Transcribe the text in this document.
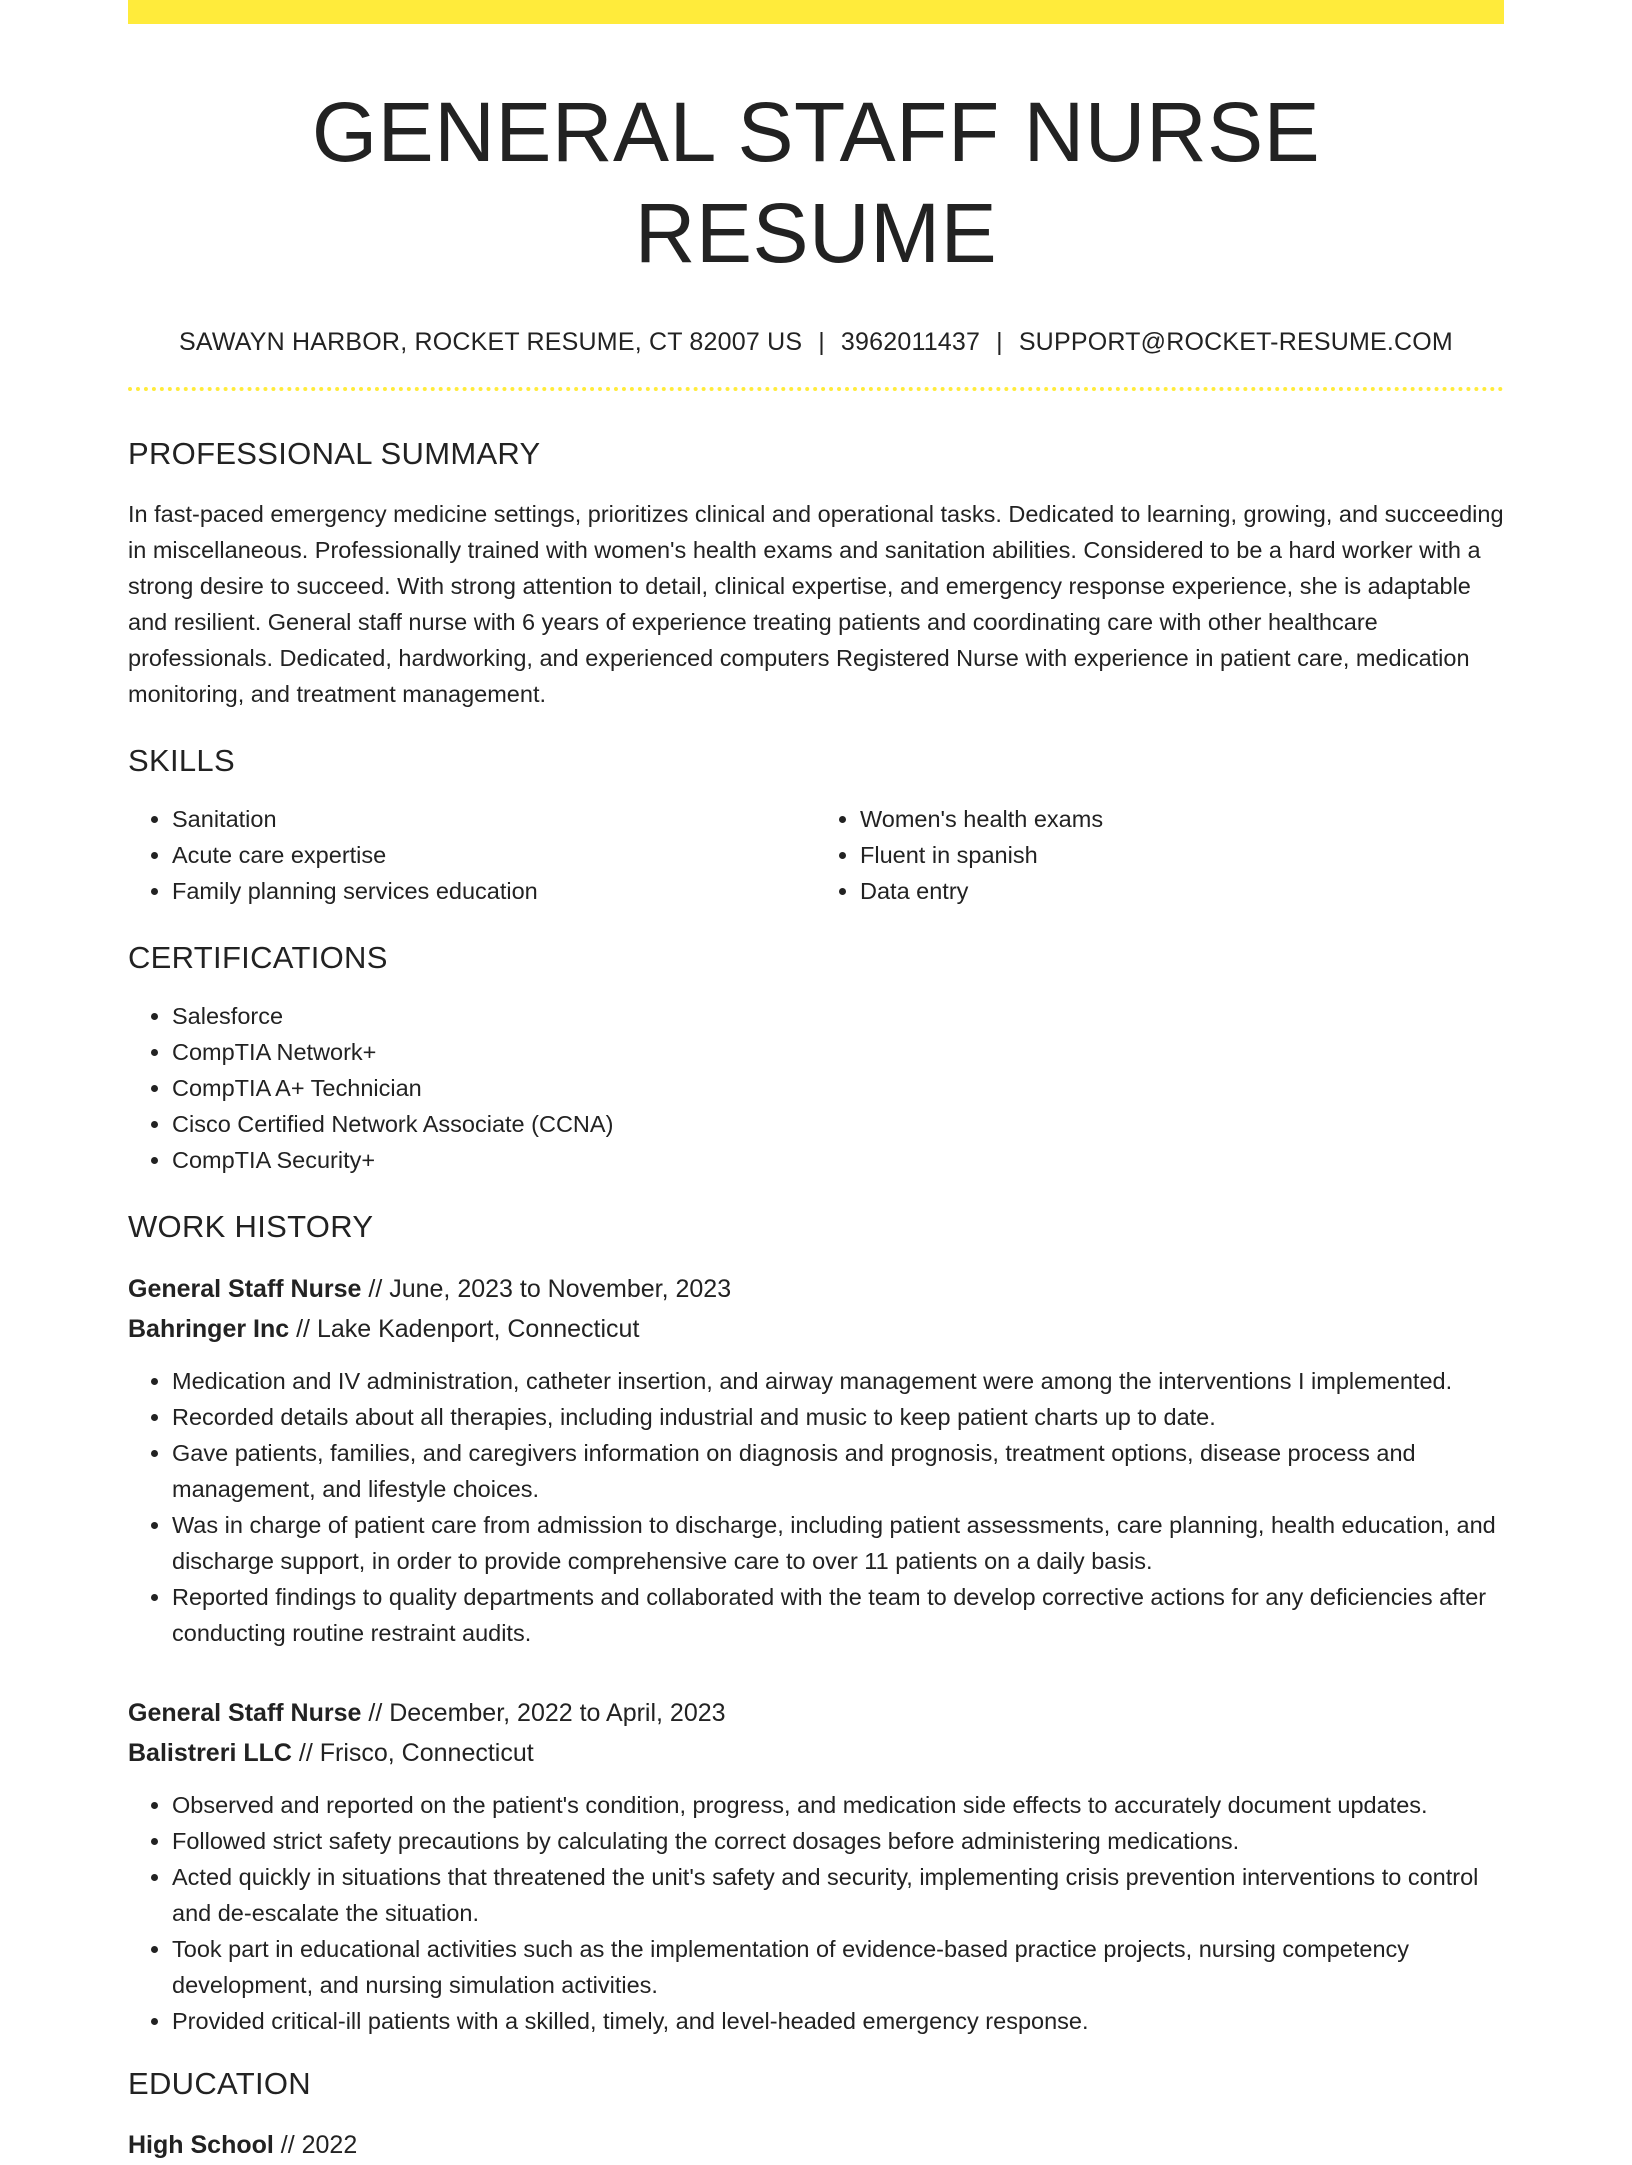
GENERAL STAFF NURSE RESUME
SAWAYN HARBOR, ROCKET RESUME, CT 82007 US | 3962011437 | SUPPORT@ROCKET-RESUME.COM
PROFESSIONAL SUMMARY

In fast-paced emergency medicine settings, prioritizes clinical and operational tasks. Dedicated to learning, growing, and succeeding in miscellaneous. Professionally trained with women's health exams and sanitation abilities. Considered to be a hard worker with a strong desire to succeed. With strong attention to detail, clinical expertise, and emergency response experience, she is adaptable and resilient. General staff nurse with 6 years of experience treating patients and coordinating care with other healthcare professionals. Dedicated, hardworking, and experienced computers Registered Nurse with experience in patient care, medication monitoring, and treatment management.

SKILLS
• Sanitation
• Acute care expertise
• Family planning services education
• Women's health exams
• Fluent in spanish
• Data entry
CERTIFICATIONS
• Salesforce
• CompTIA Network+
• CompTIA A+ Technician
• Cisco Certified Network Associate (CCNA)
• CompTIA Security+
WORK HISTORY
General Staff Nurse // June, 2023 to November, 2023
Bahringer Inc // Lake Kadenport, Connecticut
• Medication and IV administration, catheter insertion, and airway management were among the interventions I implemented.
• Recorded details about all therapies, including industrial and music to keep patient charts up to date.
• Gave patients, families, and caregivers information on diagnosis and prognosis, treatment options, disease process and management, and lifestyle choices.
• Was in charge of patient care from admission to discharge, including patient assessments, care planning, health education, and discharge support, in order to provide comprehensive care to over 11 patients on a daily basis.
• Reported findings to quality departments and collaborated with the team to develop corrective actions for any deficiencies after conducting routine restraint audits.
General Staff Nurse // December, 2022 to April, 2023
Balistreri LLC // Frisco, Connecticut
• Observed and reported on the patient's condition, progress, and medication side effects to accurately document updates.
• Followed strict safety precautions by calculating the correct dosages before administering medications.
• Acted quickly in situations that threatened the unit's safety and security, implementing crisis prevention interventions to control and de-escalate the situation.
• Took part in educational activities such as the implementation of evidence-based practice projects, nursing competency development, and nursing simulation activities.
• Provided critical-ill patients with a skilled, timely, and level-headed emergency response.
EDUCATION
High School // 2022
